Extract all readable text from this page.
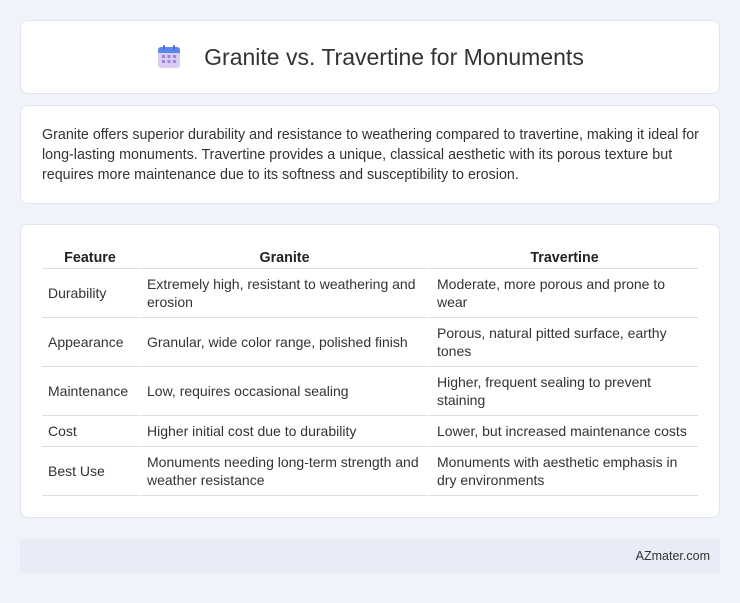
Granite vs. Travertine for Monuments

Granite offers superior durability and resistance to weathering compared to travertine, making it ideal for long-lasting monuments. Travertine provides a unique, classical aesthetic with its porous texture but requires more maintenance due to its softness and susceptibility to erosion.

Feature	Granite	Travertine
Durability	Extremely high, resistant to weathering and erosion	Moderate, more porous and prone to wear
Appearance	Granular, wide color range, polished finish	Porous, natural pitted surface, earthy tones
Maintenance	Low, requires occasional sealing	Higher, frequent sealing to prevent staining
Cost	Higher initial cost due to durability	Lower, but increased maintenance costs
Best Use	Monuments needing long-term strength and weather resistance	Monuments with aesthetic emphasis in dry environments
AZmater.com
